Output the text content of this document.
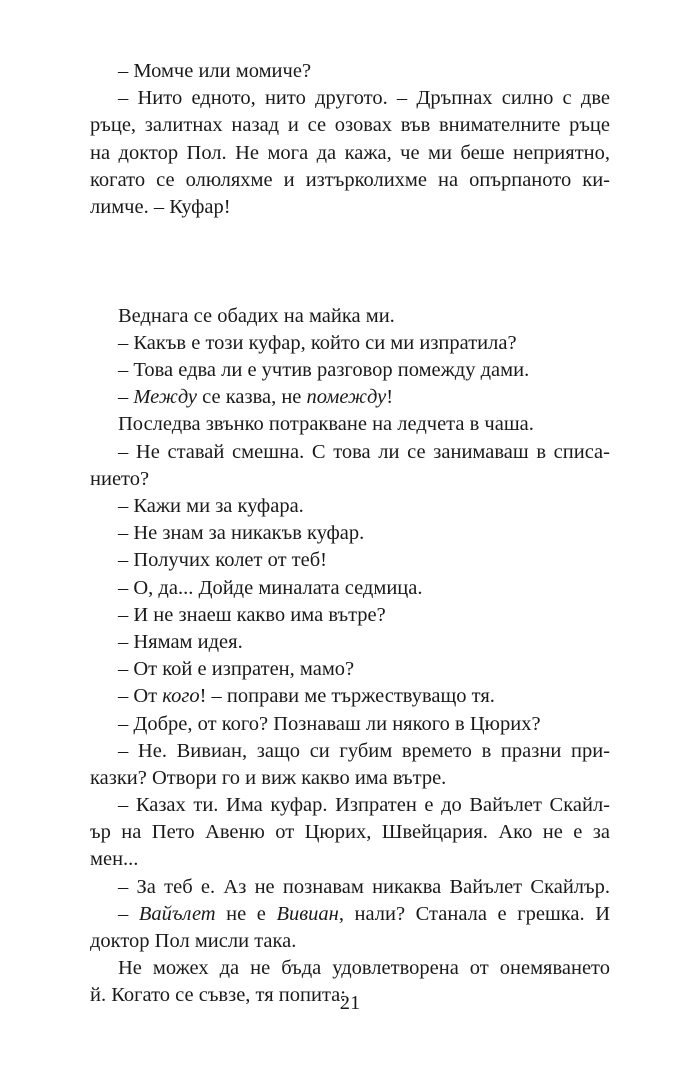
– Момче или момиче?
– Нито едното, нито другото. – Дръпнах силно с две
ръце, залитнах назад и се озовах във внимателните ръце
на доктор Пол. Не мога да кажа, че ми беше неприятно,
когато се олюляхме и изтърколихме на опърпаното ки-
лимче. – Куфар!
Веднага се обадих на майка ми.
– Какъв е този куфар, който си ми изпратила?
– Това едва ли е учтив разговор помежду дами.
– Между се казва, не помежду!
Последва звънко потракване на ледчета в чаша.
– Не ставай смешна. С това ли се занимаваш в списа-
нието?
– Кажи ми за куфара.
– Не знам за никакъв куфар.
– Получих колет от теб!
– О, да... Дойде миналата седмица.
– И не знаеш какво има вътре?
– Нямам идея.
– От кой е изпратен, мамо?
– От кого! – поправи ме тържествуващо тя.
– Добре, от кого? Познаваш ли някого в Цюрих?
– Не. Вивиан, защо си губим времето в празни при-
казки? Отвори го и виж какво има вътре.
– Казах ти. Има куфар. Изпратен е до Вайълет Скайл-
ър на Пето Авеню от Цюрих, Швейцария. Ако не е за
мен...
– За теб е. Аз не познавам никаква Вайълет Скайлър.
– Вайълет не е Вивиан, нали? Станала е грешка. И
доктор Пол мисли така.
Не можех да не бъда удовлетворена от онемяването
й. Когато се съвзе, тя попита:
21
